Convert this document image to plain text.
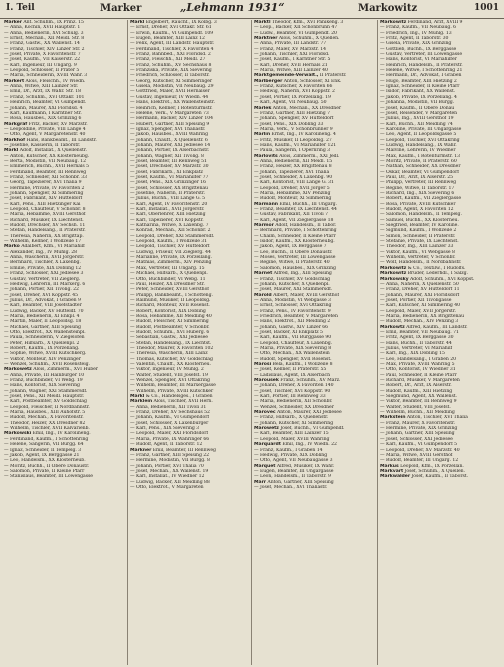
I. Teil	Marker	„Lehmann 1931“	Markowitz	1001
Marker Ant. Schuhm., IX Prinz. 15
— Anna, Köchin, XVII Hauptstr. 1
— Anna, Bedienerin, XVI Schulg. 3
— Ernst, Mechan., XII Meidl. Str. 8
— Franz, Gastw., XX Wallenst. 14
— Franz, Tischler, XIV Linzer Str. 2
— Josef, Private, X Favoritenstr. 7
— Josef, Kaufm., VII Kaiserstr. 22
— Karl, Ingenieur, III Ungarg. 9
— Leopold, Schlosser, II Prater 5
— Maria, Schneiderin, XVIII Währ. 3
Markert Alois, Fleischh., IV Wiedn.
— Anna, Witwe, XIII Lainzer Str.
— Emil, Dr., Arzt, IX Währ. Str. 18
— Franz, Schuhm., XVI Ottakr. 101
— Heinrich, Beamter, VI Gumpendf.
— Johann, Maurer, XXI Floridsd. 4
— Karl, Kaufmann, I Kärntner Str.
— Rosa, Hausbes., XIX Grinzing 6
Markgraf Fritz, Bäcker, XV Märzstr.
— Leopoldine, Private, VIII Lange 4
— Otto, Agent, V Margaretenstr. 40
Markhof Hans, Bankbeamt., III Landstr.
— Josefine, Kassierin, II Taborstr.
Markl Adolf, Installat., X Quellenstr.
— Anton, Kutscher, XX Klosterneubg.
— Berta, Modistin, VII Neubaug. 12
— Emmerich, Buchh., XVII Hernals 5
— Ferdinand, Beamter, III Rennweg
— Franz, Schneider, XII Schönbr. 33
— Georg, Tapezierer, XVI Thalia 9
— Hermine, Private, IV Favoriten 2
— Johann, Spengler, XI Simmering
— Josef, Fabrikant, XIV Hütteldorf
— Karl, Pens., XIII Hietzinger Kai
— Leopold, Chauffeur, V Schönbr. 8
— Maria, Hebamme, XVIII Gersthof
— Richard, Musiker, IX Liechtenst.
— Rudolf, Drechsler, XV Sechsh. 11
— Stefan, Handelsang., II Praterstr.
— Theresia, Näherin, XX Brigittap.
— Wilhelm, Kellner, I Wollzeile 17
Marko Adalbert, Kfm., VI Mariahilf
— Alexander, Ing., IV Mühlg. 28
— Anna, Wäscherin, XVII Jörgerstr.
— Bernhard, Tischler, X Laxenbg.
— Emilie, Private, XIX Döbling 12
— Franz, Schlosser, XXI Jedlesee 3
— Gustav, Vertreter, VII Zieglerg.
— Hedwig, Lehrerin, III Marxerg. 6
— Johann, Portier, XII Tivolig. 22
— Josef, Dreher, XVI Koppstr. 45
— Julius, Dr., Advokat, I Graben 9
— Karl, Beamter, VIII Josefstädter
— Ludwig, Bäcker, XV Hütteldf. 70
— Maria, Bedienerin, XI Enkpl. 4
— Martin, Maler, II Leopoldsg. 18
— Michael, Gärtner, XIII Speising
— Otto, Elektrot., XX Wallensteinpl.
— Paula, Schneiderin, V Ziegelofen
— Peter, Hilfsarb., X Quellenpl. 2
— Robert, Kaufm., IX Porzellang.
— Sophie, Witwe, XVIII Kutschkerg.
— Viktor, Monteur, XIV Penzinger
— Wenzel, Schuhm., XVII Rosensteig.
Markowetz Alois, Zimmerm., XVI Huber
— Anna, Private, III Hainburger 10
— Franz, Buchbinder, VI Webg. 19
— Hans, Kontorist, XIX Sievering
— Johann, Wagner, XXI Stammersdf.
— Josef, Pens., XII Meidl. Hauptstr.
— Karl, Postbeamter, XV Goldschlag
— Leopold, Fleischer, II Nordbahnstr.
— Maria, Hausbes., XIII Auhofstr. 5
— Rudolf, Mechan., X Favoritenstr.
— Theodor, Heizer, XX Dresdner 82
— Wilhelm, Tischler, XVII Kalvarienb.
Markowski Emil, Ing., IV Karolineng.
— Ferdinand, Kaufm., I Schottenring
— Helene, Sängerin, VII Burgg. 64
— Ignaz, Schneider, II Tempelg. 3
— Jakob, Agent, IX Berggasse 21
— Leo, Handelsm., XX Klosterneub.
— Moritz, Buchh., II Obere Donaustr.
— Salomon, Private, II Kleine Pfarr
— Stanislaus, Beamter, III Löwengasse
Markl Engelbert, Rauchf., IX Kolbg. 3
— Ernst, Dreher, XVI Ottakr. Str. 61
— Erwin, Kaufm., VI Gumpendf. 109
— Eugen, Beamter, XIII Lainz 12
— Felix, Agent, III Landstr. Hauptstr.
— Ferdinand, Tischler, X Favoriten 4
— Franz, Bahnbed., XXI Floridsd. 2
— Franz, Fleischh., XII Meidl. 27
— Franz, Schuhm., XV Sechshaus 8
— Franziska, Private, XIX Sievering
— Friedrich, Schlosser, II Taborstr.
— Georg, Kutscher, XI Simmeringer
— Gisela, Modistin, VII Neubaug. 29
— Gottfried, Maler, XVII Hernalser
— Gustav, Ingenieur, IV Wiedn. 44
— Hans, Elektrot., XX Wallensteinstr.
— Heinrich, Kellner, I Rotenturmstr.
— Helene, Verk., V Margareten 73
— Hermann, Bäcker, XIV Linzer 104
— Hubert, Gärtner, XIII Speising 9
— Ignaz, Spengler, XVI Thaliastr.
— Jakob, Hausbes., XVIII Währing
— Johann, Chauff., X Quellenstr. 6
— Johann, Maurer, XXI Jedlesee 14
— Johann, Portier, IX Alserbachstr.
— Johann, Wagner, XII Tivolig. 8
— Josef, Beamter, III Rennweg 51
— Josef, Drechsler, XV Märzstr. 30
— Josef, Fabrikarb., XI Enkplatz
— Josef, Kaufm., VI Mariahilfer 77
— Josef, Pens., XIX Grinzinger 16
— Josef, Schlosser, XX Brigittenau
— Josefine, Näherin, II Praterstr.
— Julius, Buchh., VIII Lange G. 5
— Karl, Agent, IV Favoritenstr. 20
— Karl, Installat., XVII Jörgerstr.
— Karl, Oberlehrer, XIII Hietzing
— Karl, Tapezierer, XVI Koppstr.
— Katharina, Witwe, X Laxenbg. 7
— Konrad, Mechan., XII Schönbr. 2
— Leopold, Dreher, XXI Stammersdf.
— Leopold, Kaufm., I Wollzeile 31
— Leopold, Tischler, XV Hütteldorf
— Ludwig, Friseur, VII Zieglerg. 44
— Marianne, Private, IX Porzellang.
— Mathias, Zimmerm., XIV Penzing
— Max, Vertreter, III Ungarg. 15
— Michael, Hilfsarb., X Quellenpl.
— Otto, Buchbinder, VI Webg. 11
— Paul, Heizer, XX Dresdner Str.
— Peter, Schneider, XVIII Gersthof
— Philipp, Bankbeamt., I Schotteng.
— Raimund, Musiker, II Leopoldsg.
— Richard, Monteur, XVII Rosenst.
— Robert, Kontorist, XIX Döbling
— Rosa, Hebamme, XII Meidling 40
— Rudolf, Fleischer, XI Simmering
— Rudolf, Postbeamter, V Schönbr.
— Rudolf, Schuhm., XVI Huberg. 6
— Sebastian, Gastw., XXI Jedlesee
— Stefan, Handelsang., IX Liechtst.
— Theodor, Maurer, X Favoriten 102
— Theresia, Wäscherin, XIII Lainz
— Thomas, Kutscher, XV Goldschlag
— Valentin, Chauff., XX Klosterneu.
— Viktor, Ingenieur, IV Mühlg. 2
— Walter, Student, VIII Josefst. 19
— Wenzel, Spengler, XVI Ottakring
— Wilhelm, Beamter, III Marxergasse
— Wilhelm, Private, XVIII Kutschker
Markl & Co., Handelsges., I Graben
Marklein Alois, Tischler, XVII Hern.
— Anna, Bedienerin, XII Tivoli 31
— Franz, Dreher, XV Sechshaus 52
— Johann, Kaufm., VI Gumpendorf
— Josef, Schlosser, X Laxenburger
— Karl, Pens., XIX Sievering 3
— Leopold, Maler, XXI Floridsdorf
— Maria, Private, IX Währinger 66
— Rudolf, Agent, II Taborstr. 12
Markner Emil, Beamter, III Rennweg
— Franz, Gärtner, XIII Speising 22
— Hermine, Modistin, VII Burgg. 8
— Johann, Portier, XVI Thalia 70
— Josef, Mechan., XX Wallenst. 19
— Karl, Installat., IV Wiedner 12
— Ludwig, Bäcker, XII Meidling 88
— Otto, Elektrot., V Margareten
Marktl Theodor, Kfm., XVI Panikeng. 3
— Leop., Bäcker, XII Schönbrunn 47
— Ludw., Beamter, VI Gumpendf. 20
Marktner Alois, Schuhm., X Quellen.
— Anna, Private, III Landstr. 77
— Franz, Maler, XV Märzstr. 14
— Johann, Tischler, XXI Floridsd.
— Josef, Kaufm., I Kärntner Str. 5
— Karl, Dreher, XVII Hernals 21
— Maria, Witwe, XIII Lainzer 40
Marktgemeinde-Verwalt., II Praterstr.
Marlberger Anton, Schlosser, XI Enk.
— Franz, Kutscher, X Favoriten 66
— Hedwig, Näherin, XVI Koppstr. 2
— Josef, Portier, IX Porzellang. 19
— Karl, Agent, VII Neubaug. 50
Marlek Anton, Mechan., XX Dresdner
— Franz, Gärtner, XIII Hietzing 7
— Johann, Spengler, XV Hütteldorf
— Josef, Pens., XIX Döbling 33
— Maria, Verk., V Schönbrunner 9
Marlin Ernst, Ing., IV Karolineng. 4
— Fritz, Musiker, II Leopoldsg. 27
— Hans, Kaufm., VI Mariahilfer 121
— Paula, Sängerin, I Opernring 3
Marlovits Alois, Zimmerm., XXI Jedl.
— Anna, Bedienerin, XII Meidl. 15
— Franz, Heizer, XX Brigittenau 8
— Johann, Tapezierer, XVI Thalia
— Josef, Schneider, X Laxenbg. 90
— Karl, Kontorist, VIII Lange G. 31
— Leopold, Dreher, XVII Jörger 5
— Maria, Hebamme, XIV Penzing
— Rudolf, Monteur, XI Simmering
Marmann Emil, Buchh., III Ungarg.
— Franz, Beamter, IX Liechtenst. 44
— Gustav, Fabrikant, XII Tivoli 7
— Karl, Agent, VII Zieglergasse 18
Marmor Adolf, Handelsm., II Tabor.
— Bernhard, Private, I Schottenring
— Chaim, Schneider, II Kleine Pfarr
— Isidor, Kaufm., XX Klosterneubg.
— Jakob, Agent, IX Berggasse 7
— Leo, Buchh., II Obere Donaustr.
— Moses, Vertreter, III Löwengasse
— Regine, Witwe, II Praterstr. 40
— Salomon, Hausbes., XIX Grinzing
Marnet Alfred, Ing., XIII Speising
— Franz, Tischler, XV Goldschlag
— Johann, Kutscher, X Quellenpl.
— Josef, Maurer, XXI Stammersdf.
Marold Albert, Maler, XVIII Gersthof
— Anna, Modistin, VI Webgasse 3
— Ernst, Schlosser, XVI Ottakring
— Franz, Pens., IV Favoritenstr. 9
— Friedrich, Beamter, V Margareten
— Hans, Elektrot., XII Meidling 2
— Johann, Gastw., XIV Linzer 66
— Josef, Bäcker, XI Enkplatz 5
— Karl, Kaufm., VII Burggasse 90
— Leopold, Chauffeur, X Laxenbg.
— Maria, Private, XIX Sievering 8
— Otto, Mechan., XX Wallenstein
— Rudolf, Spengler, XVII Rosenst.
Marosi Béla, Kaufm., I Wollzeile 8
— Josef, Kellner, II Praterstr. 55
— Ladislaus, Agent, IX Alserbach
Marousek Franz, Schuhm., XV März.
— Johann, Dreher, X Favoriten 140
— Josef, Tischler, XVI Koppstr. 90
— Karl, Portier, III Rennweg 33
— Maria, Bedienerin, XII Schönbr.
— Wenzel, Schneider, XX Dresdner
Marovec Anton, Maurer, XXI Jedlesee
— Franz, Hilfsarb., X Quellenstr.
— Johann, Kutscher, XI Simmering
Marowetz Josef, Buchh., VI Gumpendf.
— Karl, Beamter, XIII Lainzer 15
— Leopold, Maler, XVIII Währing
Marquardt Emil, Ing., IV Wiedn. 22
— Franz, Kaufm., I Graben 14
— Hedwig, Private, XIX Döbling
— Otto, Agent, VII Neubaugasse 3
Marquet Alfred, Musiker, IX Währ.
— Eugen, Beamter, III Ungargasse
— Leon, Handelsm., II Taborstr. 9
Marr Anton, Gärtner, XIII Speising
— Josef, Mechan., XVI Thaliastr.
Markowitz Ferdinand, Arzt, XVIII 9
— Franz, Kaufm., VII Neubaug. 6
— Friedrich, Ing., IV Mühlg. 13
— Fritz, Agent, II Taborstr. 30
— Gisela, Private, XIX Grinzing
— Gottlieb, Buchh., IX Berggasse
— Gustav, Vertreter, III Löwengasse
— Hans, Kontorist, VI Mariahilfer
— Heinrich, Handelsm., II Praterstr.
— Helene, Witwe, I Schottenring 21
— Hermann, Dr., Advokat, I Graben
— Hugo, Beamter, XIII Hietzing 2
— Ignaz, Schneider, II Kleine Pfarr
— Isidor, Fabrikant, XX Wallenst.
— Jakob, Private, IX Porzellang. 4
— Johanna, Modistin, VII Burgg.
— Josef, Kaufm., II Obere Donau
— Josef, Reisender, V Margareten
— Julius, Ing., XVIII Gersthof 19
— Karl, Buchh., XII Meidling 74
— Karoline, Private, III Ungargasse
— Leo, Agent, II Leopoldsgasse 5
— Leopold, Tischler, XVI Ottakring
— Ludwig, Handelsang., IX Währ.
— Malvine, Lehrerin, IV Wiedner
— Max, Kaufm., I Rotenturmstr. 13
— Moritz, Private, II Praterstr. 60
— Nathan, Schneider, XX Dresdner
— Oskar, Beamter, VI Gumpendorf
— Paul, Dr., Arzt, IX Alserstr. 25
— Philipp, Vertreter, III Rennweg
— Regine, Witwe, II Taborstr. 17
— Richard, Ing., XIX Sievering 6
— Robert, Kaufm., VII Zieglergasse
— Rosa, Private, XVIII Kutschker
— Rudolf, Agent, X Favoriten 12
— Salomon, Handelsm., II Tempelg.
— Samuel, Buchh., XX Klosterneu.
— Siegfried, Beamter, IV Karoline.
— Sigmund, Kaufm., I Wollzeile 2
— Simon, Schneider, II Praterstr.
— Stefanie, Private, IX Liechtenst.
— Theodor, Ing., XIII Lainzer 33
— Viktor, Kaufm., VI Webgasse 8
— Wilhelm, Vertreter, V Schönbr.
— Wolf, Handelsm., II Nordbahnstr.
Markowitz & Co., Textilw., I Rudolfs.
Markowitz Brüder, Lederhdl., I Salzg.
Markowsky Adolf, Schuhm., XVI Koppst.
— Anna, Näherin, X Quellenstr. 50
— Franz, Dreher, XV Hütteldorf 11
— Johann, Maurer, XXI Floridsdorf
— Josef, Portier, XII Tivoligasse
— Karl, Kutscher, XI Simmering 40
— Leopold, Maler, XVII Jörgerstr.
— Maria, Bedienerin, XX Brigittenau
— Rudolf, Mechan., XIV Penzing 3
Markowtz Alfred, Kaufm., III Landstr.
— Emil, Beamter, VII Neubaug. 71
— Fritz, Agent, IX Berggasse 30
— Hans, Buchh., II Taborstr. 44
— Julius, Vertreter, VI Mariahilf
— Karl, Ing., XIX Döbling 15
— Leo, Handelsang., I Graben 20
— Max, Private, XVIII Währing 5
— Otto, Kontorist, IV Wiedner 31
— Paul, Schneider, II Kleine Pfarr
— Richard, Musiker, V Margareten
— Robert, Dr., Arzt, IX Alserstr.
— Rudolf, Kaufm., XIII Hietzing
— Siegmund, Agent, XX Wallenst.
— Viktor, Beamter, III Rennweg 9
— Walter, Student, VIII Josefst.
— Wilhelm, Buchh., XII Meidling
Markstein Anton, Tischler, XVI Thalia
— Franz, Maurer, X Favoritenstr.
— Hermine, Private, XIX Grinzing
— Johann, Gärtner, XIII Speising
— Josef, Schlosser, XXI Jedlesee
— Karl, Kaufm., VI Gumpendorf 5
— Leopold, Dreher, XV Märzstr. 40
— Maria, Witwe, XVIII Gersthof
— Rudolf, Beamter, III Ungarg. 12
Markus Leopold, Kfm., IX Porzellan.
Markvart Josef, Schuhm., X Quellen.
Markwalder Josef, Kaufm., II Taborst.
